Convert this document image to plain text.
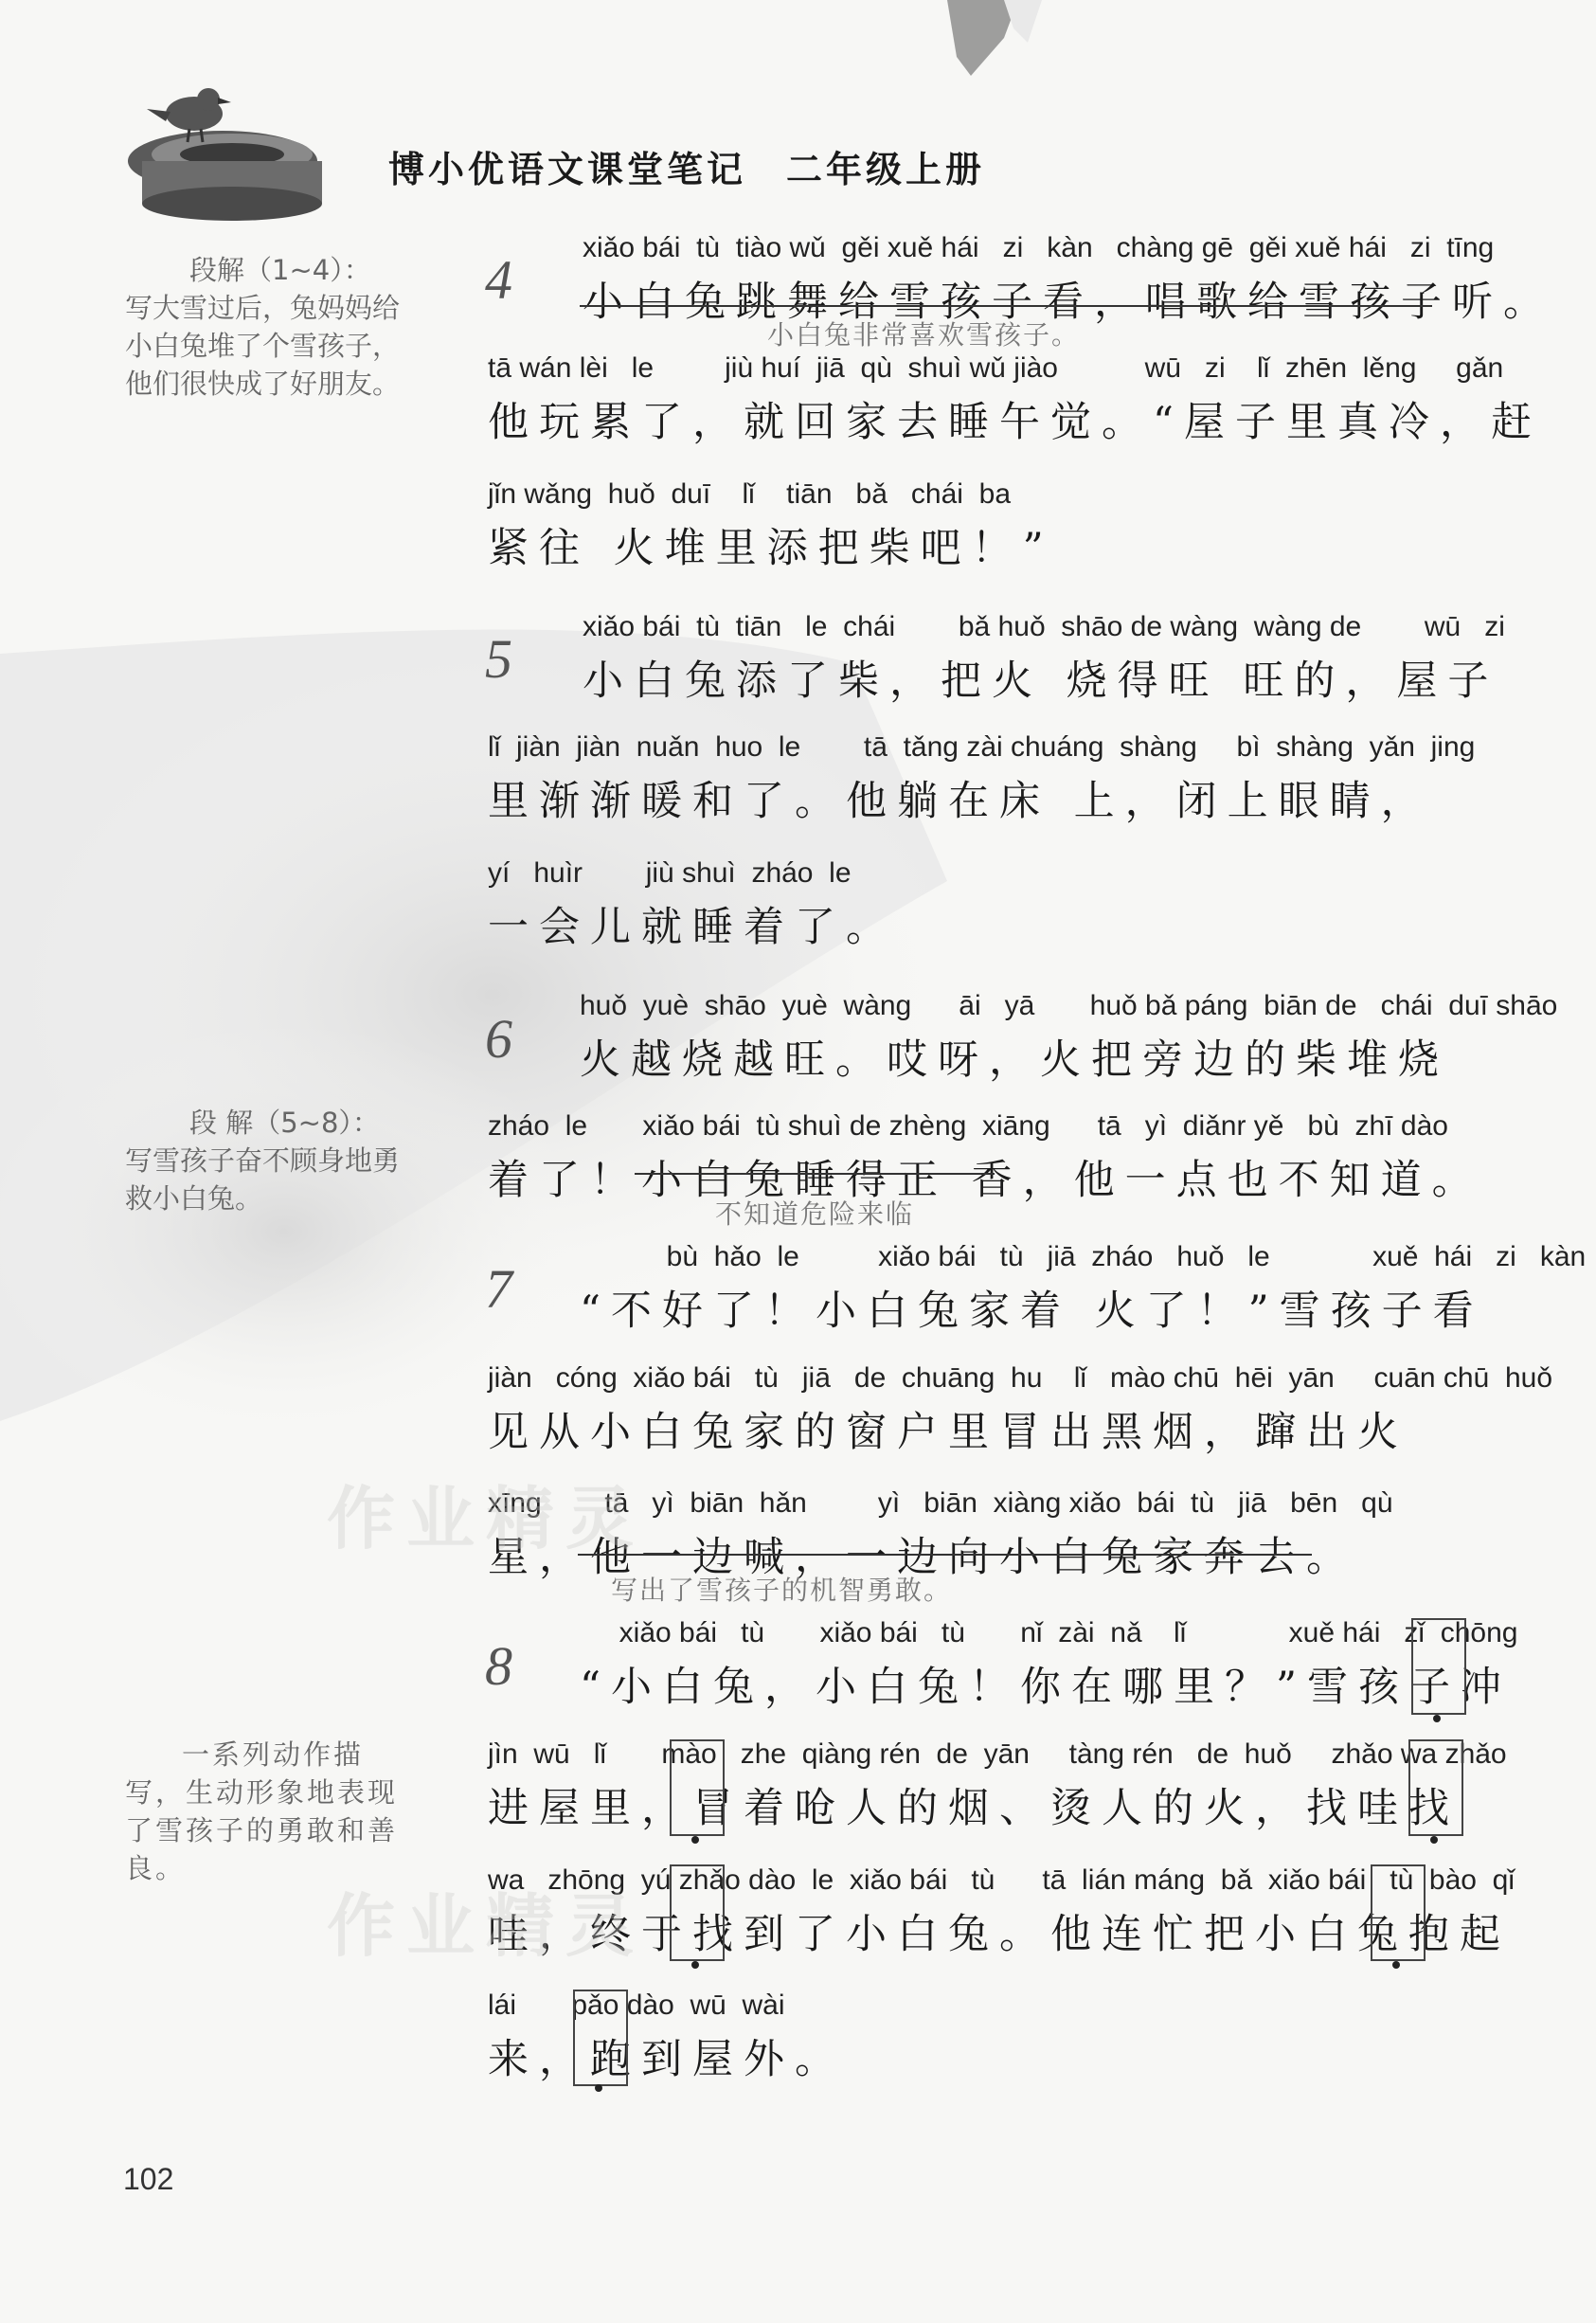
博小优语文课堂笔记　二年级上册
段解（1~4）：
写大雪过后，兔妈妈给小白兔堆了个雪孩子，他们很快成了好朋友。
段 解（5~8）：
写雪孩子奋不顾身地勇救小白兔。
一系列动作描写，生动形象地表现了雪孩子的勇敢和善良。
4
5
6
7
8
xiǎo bái  tù  tiào wǔ  gěi xuě hái   zi   kàn   chàng gē  gěi xuě hái   zi  tīng
小白兔跳舞给雪孩子看，唱歌给雪孩子听。
tā wán lèi   le         jiù huí  jiā  qù  shuì wǔ jiào           wū   zi    lǐ  zhēn  lěng     gǎn
他玩累了，就回家去睡午觉。“屋子里真冷，赶
jǐn wǎng  huǒ  duī    lǐ    tiān   bǎ   chái  ba
紧往 火堆里添把柴吧！”
xiǎo bái  tù  tiān   le  chái        bǎ huǒ  shāo de wàng  wàng de        wū   zi
小白兔添了柴，把火 烧得旺 旺的，屋子
lǐ  jiàn  jiàn  nuǎn  huo  le        tā  tǎng zài chuáng  shàng     bì  shàng  yǎn  jing
里渐渐暖和了。他躺在床 上，闭上眼睛，
yí   huìr        jiù shuì  zháo  le
一会儿就睡着了。
huǒ  yuè  shāo  yuè  wàng      āi   yā       huǒ bǎ páng  biān de   chái  duī shāo
火越烧越旺。哎呀，火把旁边的柴堆烧
zháo  le       xiǎo bái  tù shuì de zhèng  xiāng      tā   yì  diǎnr yě   bù  zhī dào
着了！小白兔睡得正 香，他一点也不知道。
bù  hǎo  le          xiǎo bái   tù   jiā  zháo   huǒ   le             xuě  hái   zi   kàn
“不好了！小白兔家着 火了！”雪孩子看
jiàn   cóng  xiǎo bái   tù   jiā   de  chuāng  hu    lǐ   mào chū  hēi  yān     cuān chū  huǒ
见从小白兔家的窗户里冒出黑烟，蹿出火
xīng        tā   yì  biān  hǎn         yì   biān  xiàng xiǎo  bái  tù   jiā   bēn   qù
星，他一边喊，一边向小白兔家奔去。
xiǎo bái   tù       xiǎo bái   tù       nǐ  zài  nǎ    lǐ             xuě hái   zǐ  chōng
“小白兔，小白兔！你在哪里？”雪孩子冲
jìn  wū   lǐ       mào   zhe  qiàng rén  de  yān     tàng rén   de  huǒ     zhǎo wa zhǎo
进屋里，冒着呛人的烟、烫人的火，找哇找
wa   zhōng  yú zhǎo dào  le  xiǎo bái   tù      tā  lián máng  bǎ  xiǎo bái   tù  bào  qǐ
哇，终于找到了小白兔。他连忙把小白兔抱起
lái       pǎo dào  wū  wài
来，跑到屋外。
小白兔非常喜欢雪孩子。
不知道危险来临
写出了雪孩子的机智勇敢。
作业精灵
作业精灵
102
